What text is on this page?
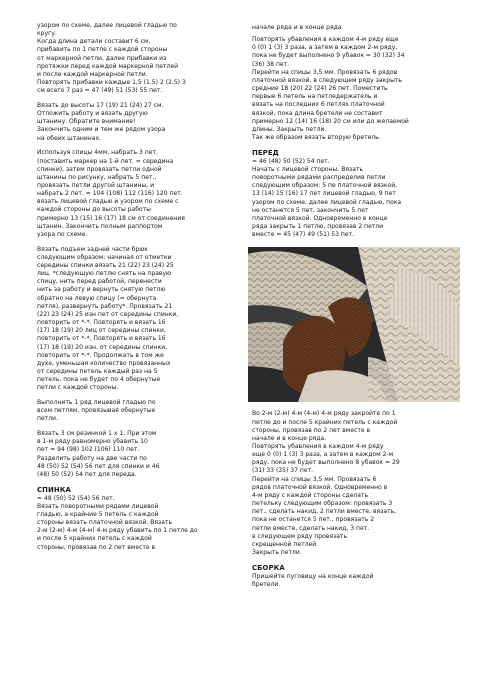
узором по схеме, далее лицевой гладью по
кругу.
Когда длина детали составит 6 см,
прибавить по 1 петле с каждой стороны
от маркерной петли, далее прибавки из
протяжки перед каждой маркерной петлей
и после каждой маркерной петли.
Повторять прибавки каждые 1,5 (1,5) 2 (2,5) 3
см всего 7 раз = 47 (49) 51 (53) 55 пет.

Вязать до высоты 17 (19) 21 (24) 27 см.
Отложить работу и вязать другую
штанину. Обратите внимание!
Закончить одним и тем же рядом узора
на обеих штанинах.

Используя спицы 4мм, набрать 3 пет.
(поставить маркер на 1-й пет. = середина
спинки), затем провязать петли одной
штанины по рисунку, набрать 5 пет.,
провязать петли другой штанины, и
набрать 2 пет. = 104 (108) 112 (116) 120 пет.
вязать лицевой гладью и узором по схеме с
каждой стороны до высоты работы
примерно 13 (15) 16 (17) 18 см от соединения
штанин. Закончить полным раппортом
узора по схеме.

Вязать подъем задней части брюк
следующим образом: начиная от отметки
середины спинки вязать 21 (22) 23 (24) 25
лиц. *следующую петлю снять на правую
спицу, нить перед работой, перенести
нить за работу и вернуть снятую петлю
обратно на левую спицу (= обернута
петля), развернуть работу*. Провязать 21
(22) 23 (24) 25 изн пет от середины спинки,
повторить от *-*. Повторять и вязать 16
(17) 18 (19) 20 лиц от середины спинки,
повторить от *-*, Повторять и вязать 16
(17) 18 (19) 20 изн. от середины спинки,
повторить от *-*. Продолжать в том же
духе, уменьшая количество провязанных
от середины петель каждый раз на 5
петель, пока не будет по 4 обернутые
петли с каждой стороны.

Выполнить 1 ряд лицевой гладью по
всем петлям, провязывая обернутые
петли.

Вязать 3 см резинкой 1 х 1. При этом
в 1-м ряду равномерно убавить 10
пет = 94 (98) 102 (106) 110 пет.
Разделить работу на две части по
48 (50) 52 (54) 56 пет для спинки и 46
(48) 50 (52) 54 пет для переда.

СПИНКА

= 48 (50) 52 (54) 56 пет.
Вязать поворотными рядами лицевой
гладью, а крайние 5 петель с каждой
стороны вязать платочной вязкой. Вязать
2-м (2-м) 4-м (4-м) 4-м ряду убавить по 1 петле до
и после 5 крайних петель с каждой
стороны, провязав по 2 пет вместе в

начале ряда и в конце ряда.

Повторять убавления в каждом 4-м ряду еще
0 (0) 1 (3) 3 раза, а затем в каждом 2-м ряду,
пока не будет выполнено 9 убавок = 30 (32) 34
(36) 38 пет.
Перейти на спицы 3,5 мм. Провязать 6 рядов
платочной вязкой, в следующем ряду закрыть
средние 18 (20) 22 (24) 26 пет. Поместить
первые 6 петель на петледержатель и
вязать на последних 6 петлях платочной
вязкой, пока длина бретели не составит
примерно 12 (14) 16 (18) 20 см или до желаемой
длины. Закрыть петли.
Так же образом вязать вторую бретель.

ПЕРЕД

= 46 (48) 50 (52) 54 пет.
Начать с лицевой стороны. Вязать
поворотными рядами распределив петли
следующим образом: 5 пе платочной вязкой,
13 (14) 15 (16) 17 пет лицевой гладью, 9 пет
узором по схеме, далее лицевой гладью, пока
не останется 5 пет, закончить 5 пет
платочной вязкой. Одновременно в конце
ряда закрыть 1 петлю, провязав 2 петли
вместе = 45 (47) 49 (51) 53 пет.

Во 2-м (2-м) 4-м (4-м) 4-м ряду закройте по 1
петле до и после 5 крайних петель с каждой
стороны, провязав по 2 пет вместе в
начале и в конце ряда.
Повторять убавления в каждом 4-м ряду
еще 0 (0) 1 (3) 3 раза, а затем в каждом 2-м
ряду, пока не будет выполнено 8 убавок = 29
(31) 33 (35) 37 пет.
Перейти на спицы 3,5 мм. Провязать 6
рядов платочной вязкой. Одновременно в
4-м ряду с каждой стороны сделать
петельку следующим образом: провязать 3
пет., сделать накид, 2 петли вместе, вязать,
пока не останется 5 пет., провязать 2
петли вместе, сделать накид, 3 пет.
в следующем ряду провязать
скрещенной петлей.
Закрыть петли.

СБОРКА

Пришейте пуговицу на конце каждой
бретели.
